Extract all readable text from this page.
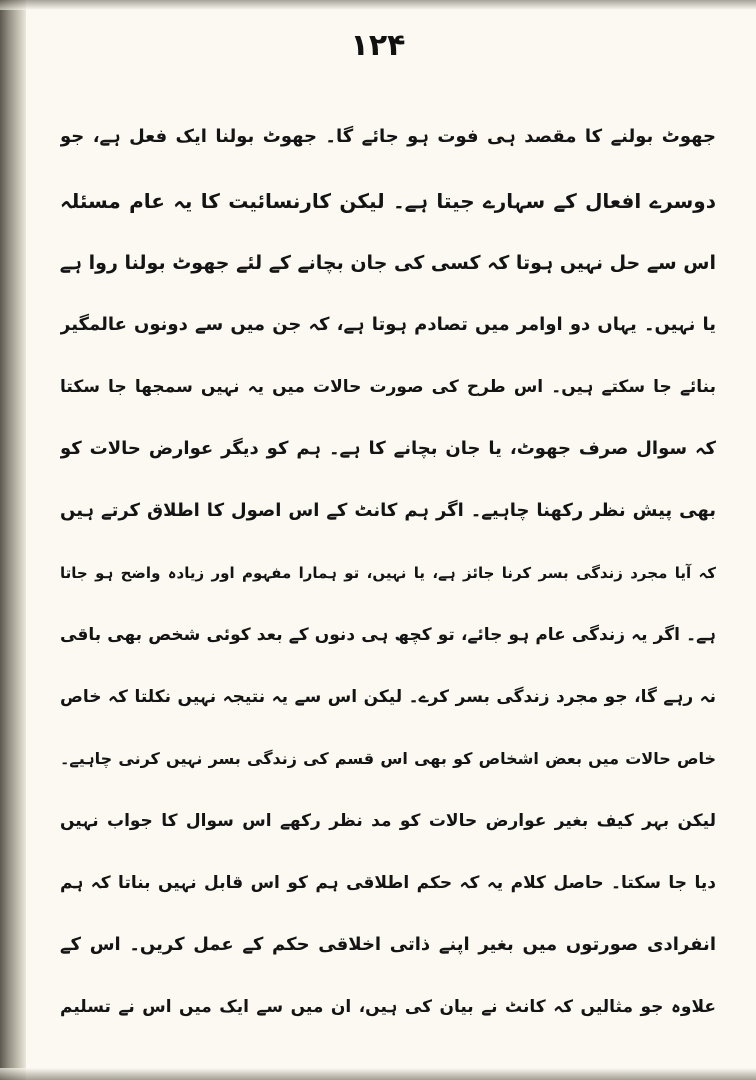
۱۲۴
جھوٹ بولنے کا مقصد ہی فوت ہو جائے گا۔ جھوٹ بولنا ایک فعل ہے، جو
دوسرے افعال کے سہارے جیتا ہے۔ لیکن کارنسائیت کا یہ عام مسئلہ
اس سے حل نہیں ہوتا کہ کسی کی جان بچانے کے لئے جھوٹ بولنا روا ہے
یا نہیں۔ یہاں دو اوامر میں تصادم ہوتا ہے، کہ جن میں سے دونوں عالمگیر
بنائے جا سکتے ہیں۔ اس طرح کی صورت حالات میں یہ نہیں سمجھا جا سکتا
کہ سوال صرف جھوٹ، یا جان بچانے کا ہے۔ ہم کو دیگر عوارض حالات کو
بھی پیش نظر رکھنا چاہیے۔ اگر ہم کانٹ کے اس اصول کا اطلاق کرتے ہیں
کہ آیا مجرد زندگی بسر کرنا جائز ہے، یا نہیں، تو ہمارا مفہوم اور زیادہ واضح ہو جاتا
ہے۔ اگر یہ زندگی عام ہو جائے، تو کچھ ہی دنوں کے بعد کوئی شخص بھی باقی
نہ رہے گا، جو مجرد زندگی بسر کرے۔ لیکن اس سے یہ نتیجہ نہیں نکلتا کہ خاص
خاص حالات میں بعض اشخاص کو بھی اس قسم کی زندگی بسر نہیں کرنی چاہیے۔
لیکن بہر کیف بغیر عوارض حالات کو مد نظر رکھے اس سوال کا جواب نہیں
دیا جا سکتا۔ حاصل کلام یہ کہ حکم اطلاقی ہم کو اس قابل نہیں بناتا کہ ہم
انفرادی صورتوں میں بغیر اپنے ذاتی اخلاقی حکم کے عمل کریں۔ اس کے
علاوہ جو مثالیں کہ کانٹ نے بیان کی ہیں، ان میں سے ایک میں اس نے تسلیم
